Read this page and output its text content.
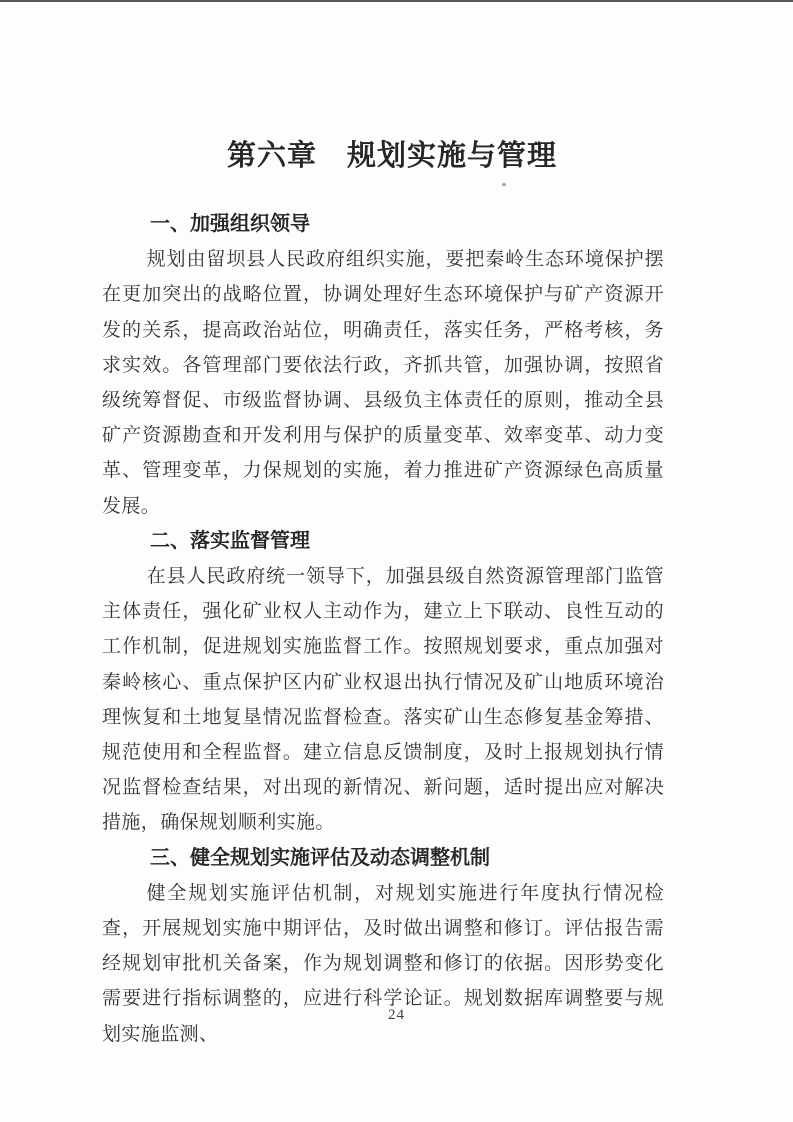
第六章　规划实施与管理
一、加强组织领导

规划由留坝县人民政府组织实施，要把秦岭生态环境保护摆在更加突出的战略位置，协调处理好生态环境保护与矿产资源开发的关系，提高政治站位，明确责任，落实任务，严格考核，务求实效。各管理部门要依法行政，齐抓共管，加强协调，按照省级统筹督促、市级监督协调、县级负主体责任的原则，推动全县矿产资源勘查和开发利用与保护的质量变革、效率变革、动力变革、管理变革，力保规划的实施，着力推进矿产资源绿色高质量发展。

二、落实监督管理

在县人民政府统一领导下，加强县级自然资源管理部门监管主体责任，强化矿业权人主动作为，建立上下联动、良性互动的工作机制，促进规划实施监督工作。按照规划要求，重点加强对秦岭核心、重点保护区内矿业权退出执行情况及矿山地质环境治理恢复和土地复垦情况监督检查。落实矿山生态修复基金筹措、规范使用和全程监督。建立信息反馈制度，及时上报规划执行情况监督检查结果，对出现的新情况、新问题，适时提出应对解决措施，确保规划顺利实施。

三、健全规划实施评估及动态调整机制

健全规划实施评估机制，对规划实施进行年度执行情况检查，开展规划实施中期评估，及时做出调整和修订。评估报告需经规划审批机关备案，作为规划调整和修订的依据。因形势变化需要进行指标调整的，应进行科学论证。规划数据库调整要与规划实施监测、

24
